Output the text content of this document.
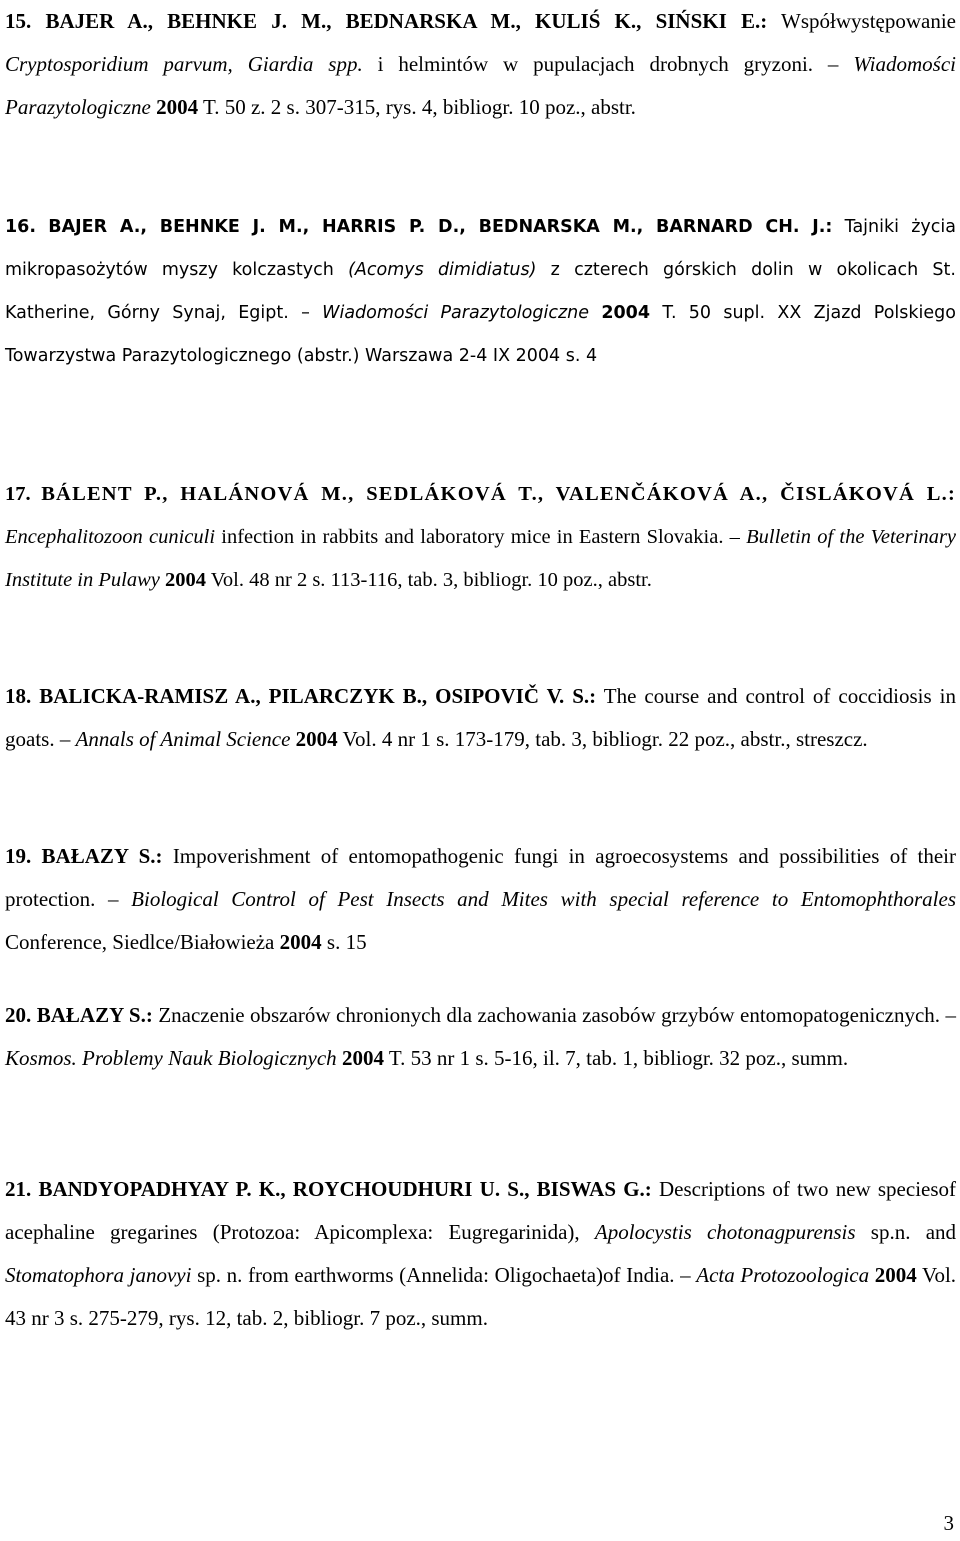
15. BAJER A., BEHNKE J. M., BEDNARSKA M., KULIŚ K., SIŃSKI E.: Współwystępowanie Cryptosporidium parvum, Giardia spp. i helmintów w pupulacjach drobnych gryzoni. – Wiadomości Parazytologiczne 2004 T. 50 z. 2 s. 307-315, rys. 4, bibliogr. 10 poz., abstr.

16. BAJER A., BEHNKE J. M., HARRIS P. D., BEDNARSKA M., BARNARD CH. J.: Tajniki życia mikropasożytów myszy kolczastych (Acomys dimidiatus) z czterech górskich dolin w okolicach St. Katherine, Górny Synaj, Egipt. – Wiadomości Parazytologiczne 2004 T. 50 supl. XX Zjazd Polskiego Towarzystwa Parazytologicznego (abstr.) Warszawa 2-4 IX 2004 s. 4

17. BÁLENT P., HALÁNOVÁ M., SEDLÁKOVÁ T., VALENČÁKOVÁ A., ČISLÁKOVÁ L.: Encephalitozoon cuniculi infection in rabbits and laboratory mice in Eastern Slovakia. – Bulletin of the Veterinary Institute in Pulawy 2004 Vol. 48 nr 2 s. 113-116, tab. 3, bibliogr. 10 poz., abstr.

18. BALICKA-RAMISZ A., PILARCZYK B., OSIPOVIČ V. S.: The course and control of coccidiosis in goats. – Annals of Animal Science 2004 Vol. 4 nr 1 s. 173-179, tab. 3, bibliogr. 22 poz., abstr., streszcz.

19. BAŁAZY S.: Impoverishment of entomopathogenic fungi in agroecosystems and possibilities of their protection. – Biological Control of Pest Insects and Mites with special reference to Entomophthorales Conference, Siedlce/Białowieża 2004 s. 15

20. BAŁAZY S.: Znaczenie obszarów chronionych dla zachowania zasobów grzybów entomopatogenicznych. – Kosmos. Problemy Nauk Biologicznych 2004 T. 53 nr 1 s. 5-16, il. 7, tab. 1, bibliogr. 32 poz., summ.

21. BANDYOPADHYAY P. K., ROYCHOUDHURI U. S., BISWAS G.: Descriptions of two new speciesof acephaline gregarines (Protozoa: Apicomplexa: Eugregarinida), Apolocystis chotonagpurensis sp.n. and Stomatophora janovyi sp. n. from earthworms (Annelida: Oligochaeta)of India. – Acta Protozoologica 2004 Vol. 43 nr 3 s. 275-279, rys. 12, tab. 2, bibliogr. 7 poz., summ.

3
